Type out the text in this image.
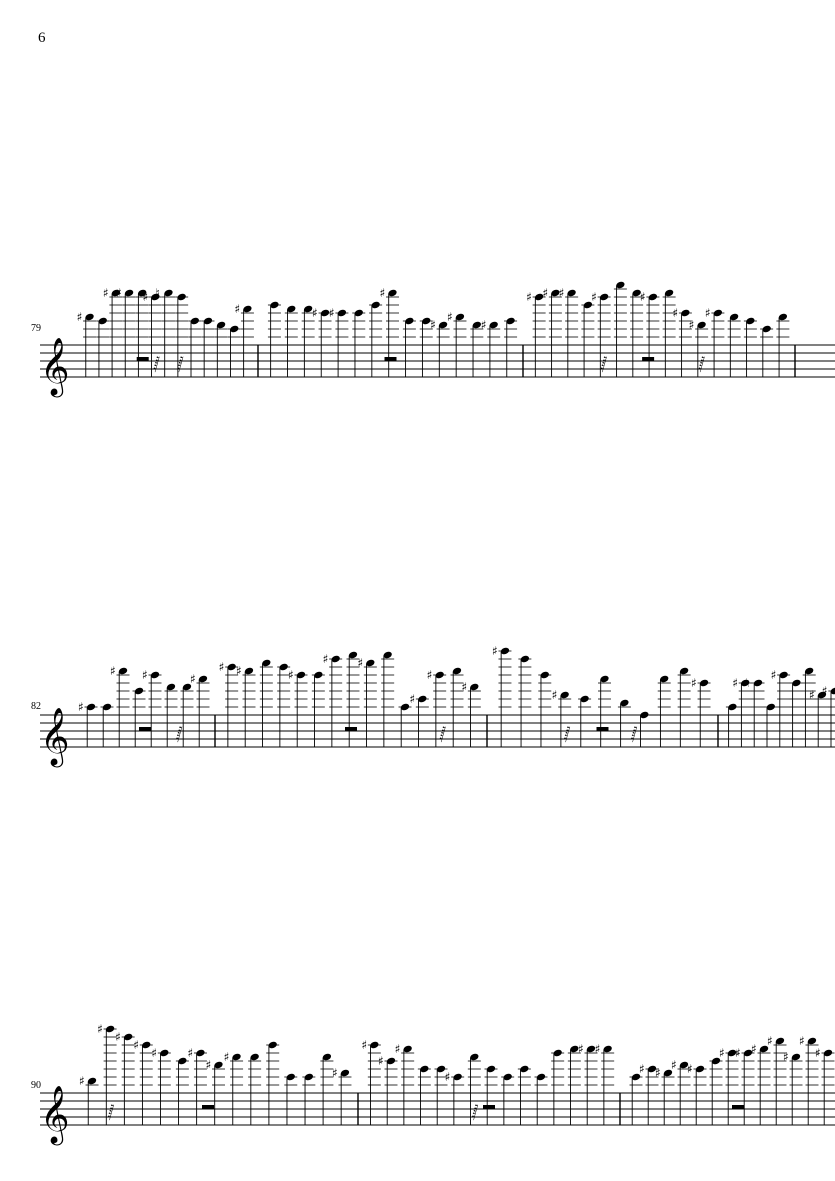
6
79
𝄞
♯
♯ ♯ ♯ ♮
♯
𝅂 𝅂
♯ ♯
♯
♯
♯
♯
♯ ♯ ♯ ♯	♯
♯
♯
♯
𝅂	𝅂
82
𝄞 ♯
♯ ♯	♯
𝅂
♯ ♯	♯
♯ ♯
♯
♯
♯
𝅂
♯
♯
♯
𝅂	𝅂
♯ ♮
♯
♯ ♯
90 𝄞
♯
♯
♯
♯
♯	♯
♯
♯
♯
𝅂
♯
♯
♯
♯
♯ ♯
𝅂
♯ ♯
♯ ♯
♯ ♯ ♯
♯
♯
♯
♯
